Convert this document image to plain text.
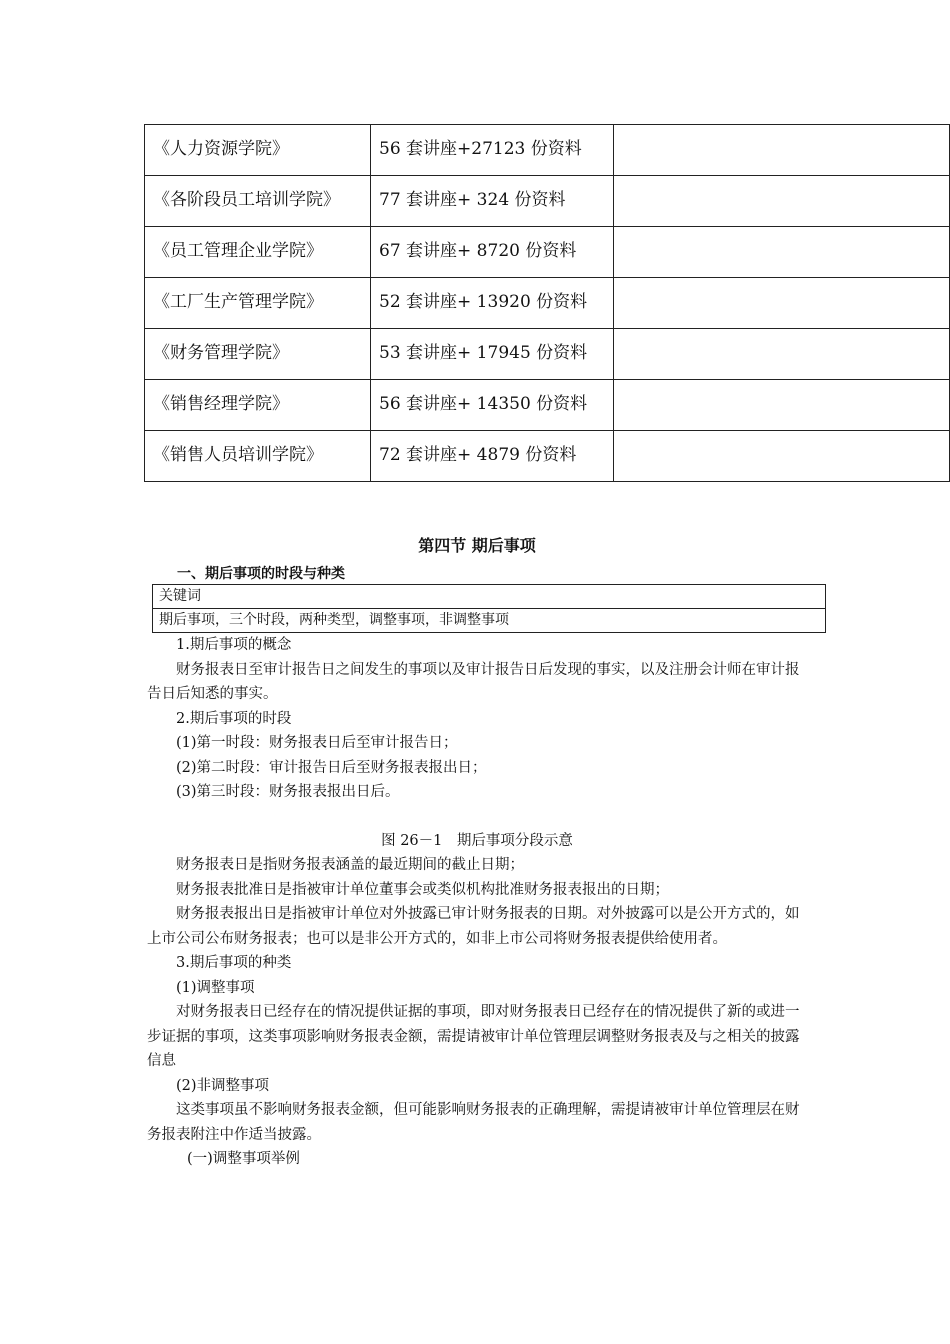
《人力资源学院》	56 套讲座+27123 份资料	
《各阶段员工培训学院》	77 套讲座+ 324 份资料	
《员工管理企业学院》	67 套讲座+ 8720 份资料	
《工厂生产管理学院》	52 套讲座+ 13920 份资料	
《财务管理学院》	53 套讲座+ 17945 份资料	
《销售经理学院》	56 套讲座+ 14350 份资料	
《销售人员培训学院》	72 套讲座+ 4879 份资料	
第四节 期后事项
一、期后事项的时段与种类
关键词
期后事项，三个时段，两种类型，调整事项，非调整事项

1.期后事项的概念

财务报表日至审计报告日之间发生的事项以及审计报告日后发现的事实，以及注册会计师在审计报告日后知悉的事实。

2.期后事项的时段

(1)第一时段：财务报表日后至审计报告日；

(2)第二时段：审计报告日后至财务报表报出日；

(3)第三时段：财务报表报出日后。

图 26－1　期后事项分段示意

财务报表日是指财务报表涵盖的最近期间的截止日期；

财务报表批准日是指被审计单位董事会或类似机构批准财务报表报出的日期；

财务报表报出日是指被审计单位对外披露已审计财务报表的日期。对外披露可以是公开方式的，如上市公司公布财务报表；也可以是非公开方式的，如非上市公司将财务报表提供给使用者。

3.期后事项的种类

(1)调整事项

对财务报表日已经存在的情况提供证据的事项，即对财务报表日已经存在的情况提供了新的或进一步证据的事项，这类事项影响财务报表金额，需提请被审计单位管理层调整财务报表及与之相关的披露信息

(2)非调整事项

这类事项虽不影响财务报表金额，但可能影响财务报表的正确理解，需提请被审计单位管理层在财务报表附注中作适当披露。

(一)调整事项举例
